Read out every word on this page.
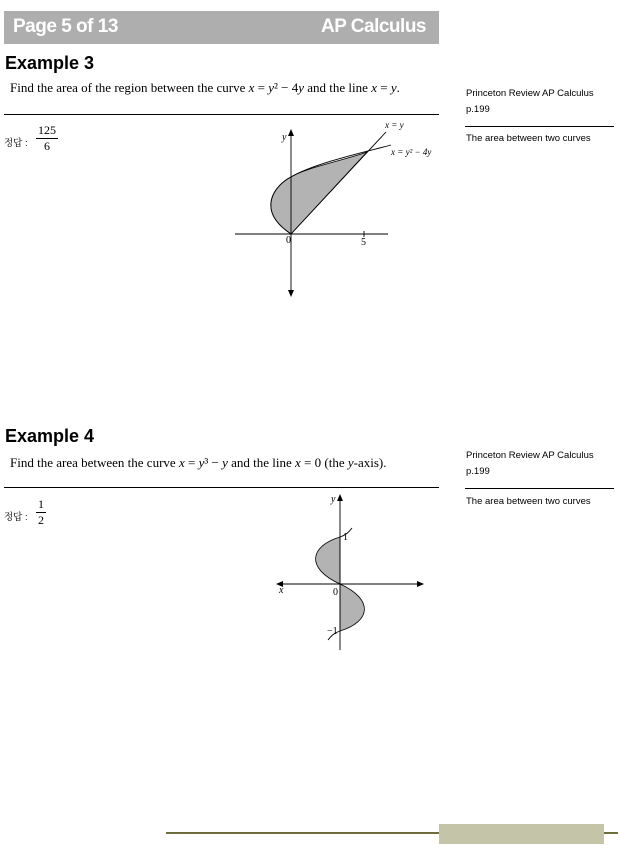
Page 5 of 13	AP Calculus
Example 3
Find the area of the region between the curve x = y² − 4y and the line x = y.
정답 :
125
6
Princeton Review AP Calculus p.199
The area between two curves
y
0	5
x = y
x = y² − 4y
Example 4
Find the area between the curve x = y³ − y and the line x = 0 (the y-axis).
정답 :
1
2
Princeton Review AP Calculus p.199
The area between two curves
y
x	0
1
−1
